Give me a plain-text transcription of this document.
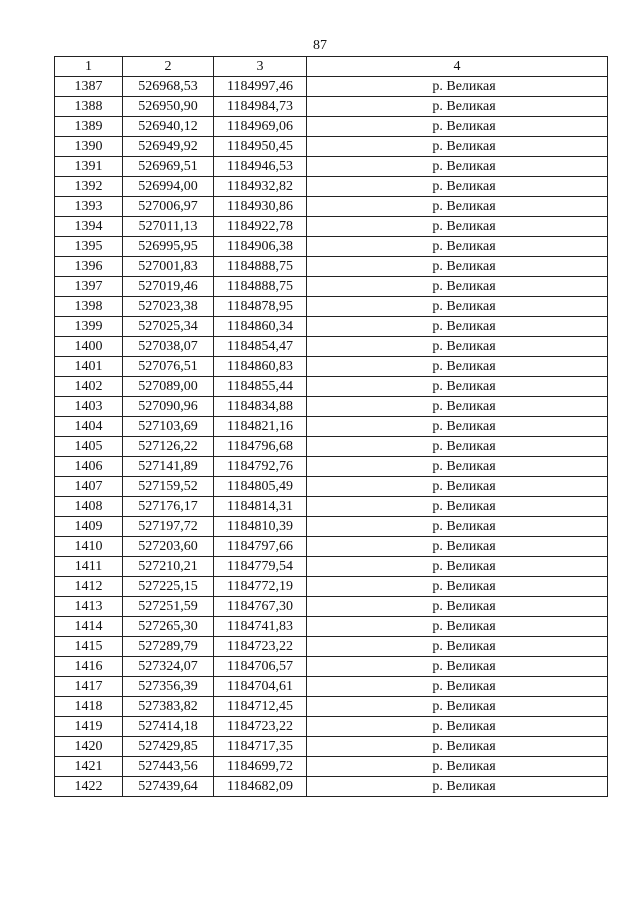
87
1	2	3	4
1387	526968,53	1184997,46	р. Великая
1388	526950,90	1184984,73	р. Великая
1389	526940,12	1184969,06	р. Великая
1390	526949,92	1184950,45	р. Великая
1391	526969,51	1184946,53	р. Великая
1392	526994,00	1184932,82	р. Великая
1393	527006,97	1184930,86	р. Великая
1394	527011,13	1184922,78	р. Великая
1395	526995,95	1184906,38	р. Великая
1396	527001,83	1184888,75	р. Великая
1397	527019,46	1184888,75	р. Великая
1398	527023,38	1184878,95	р. Великая
1399	527025,34	1184860,34	р. Великая
1400	527038,07	1184854,47	р. Великая
1401	527076,51	1184860,83	р. Великая
1402	527089,00	1184855,44	р. Великая
1403	527090,96	1184834,88	р. Великая
1404	527103,69	1184821,16	р. Великая
1405	527126,22	1184796,68	р. Великая
1406	527141,89	1184792,76	р. Великая
1407	527159,52	1184805,49	р. Великая
1408	527176,17	1184814,31	р. Великая
1409	527197,72	1184810,39	р. Великая
1410	527203,60	1184797,66	р. Великая
1411	527210,21	1184779,54	р. Великая
1412	527225,15	1184772,19	р. Великая
1413	527251,59	1184767,30	р. Великая
1414	527265,30	1184741,83	р. Великая
1415	527289,79	1184723,22	р. Великая
1416	527324,07	1184706,57	р. Великая
1417	527356,39	1184704,61	р. Великая
1418	527383,82	1184712,45	р. Великая
1419	527414,18	1184723,22	р. Великая
1420	527429,85	1184717,35	р. Великая
1421	527443,56	1184699,72	р. Великая
1422	527439,64	1184682,09	р. Великая
